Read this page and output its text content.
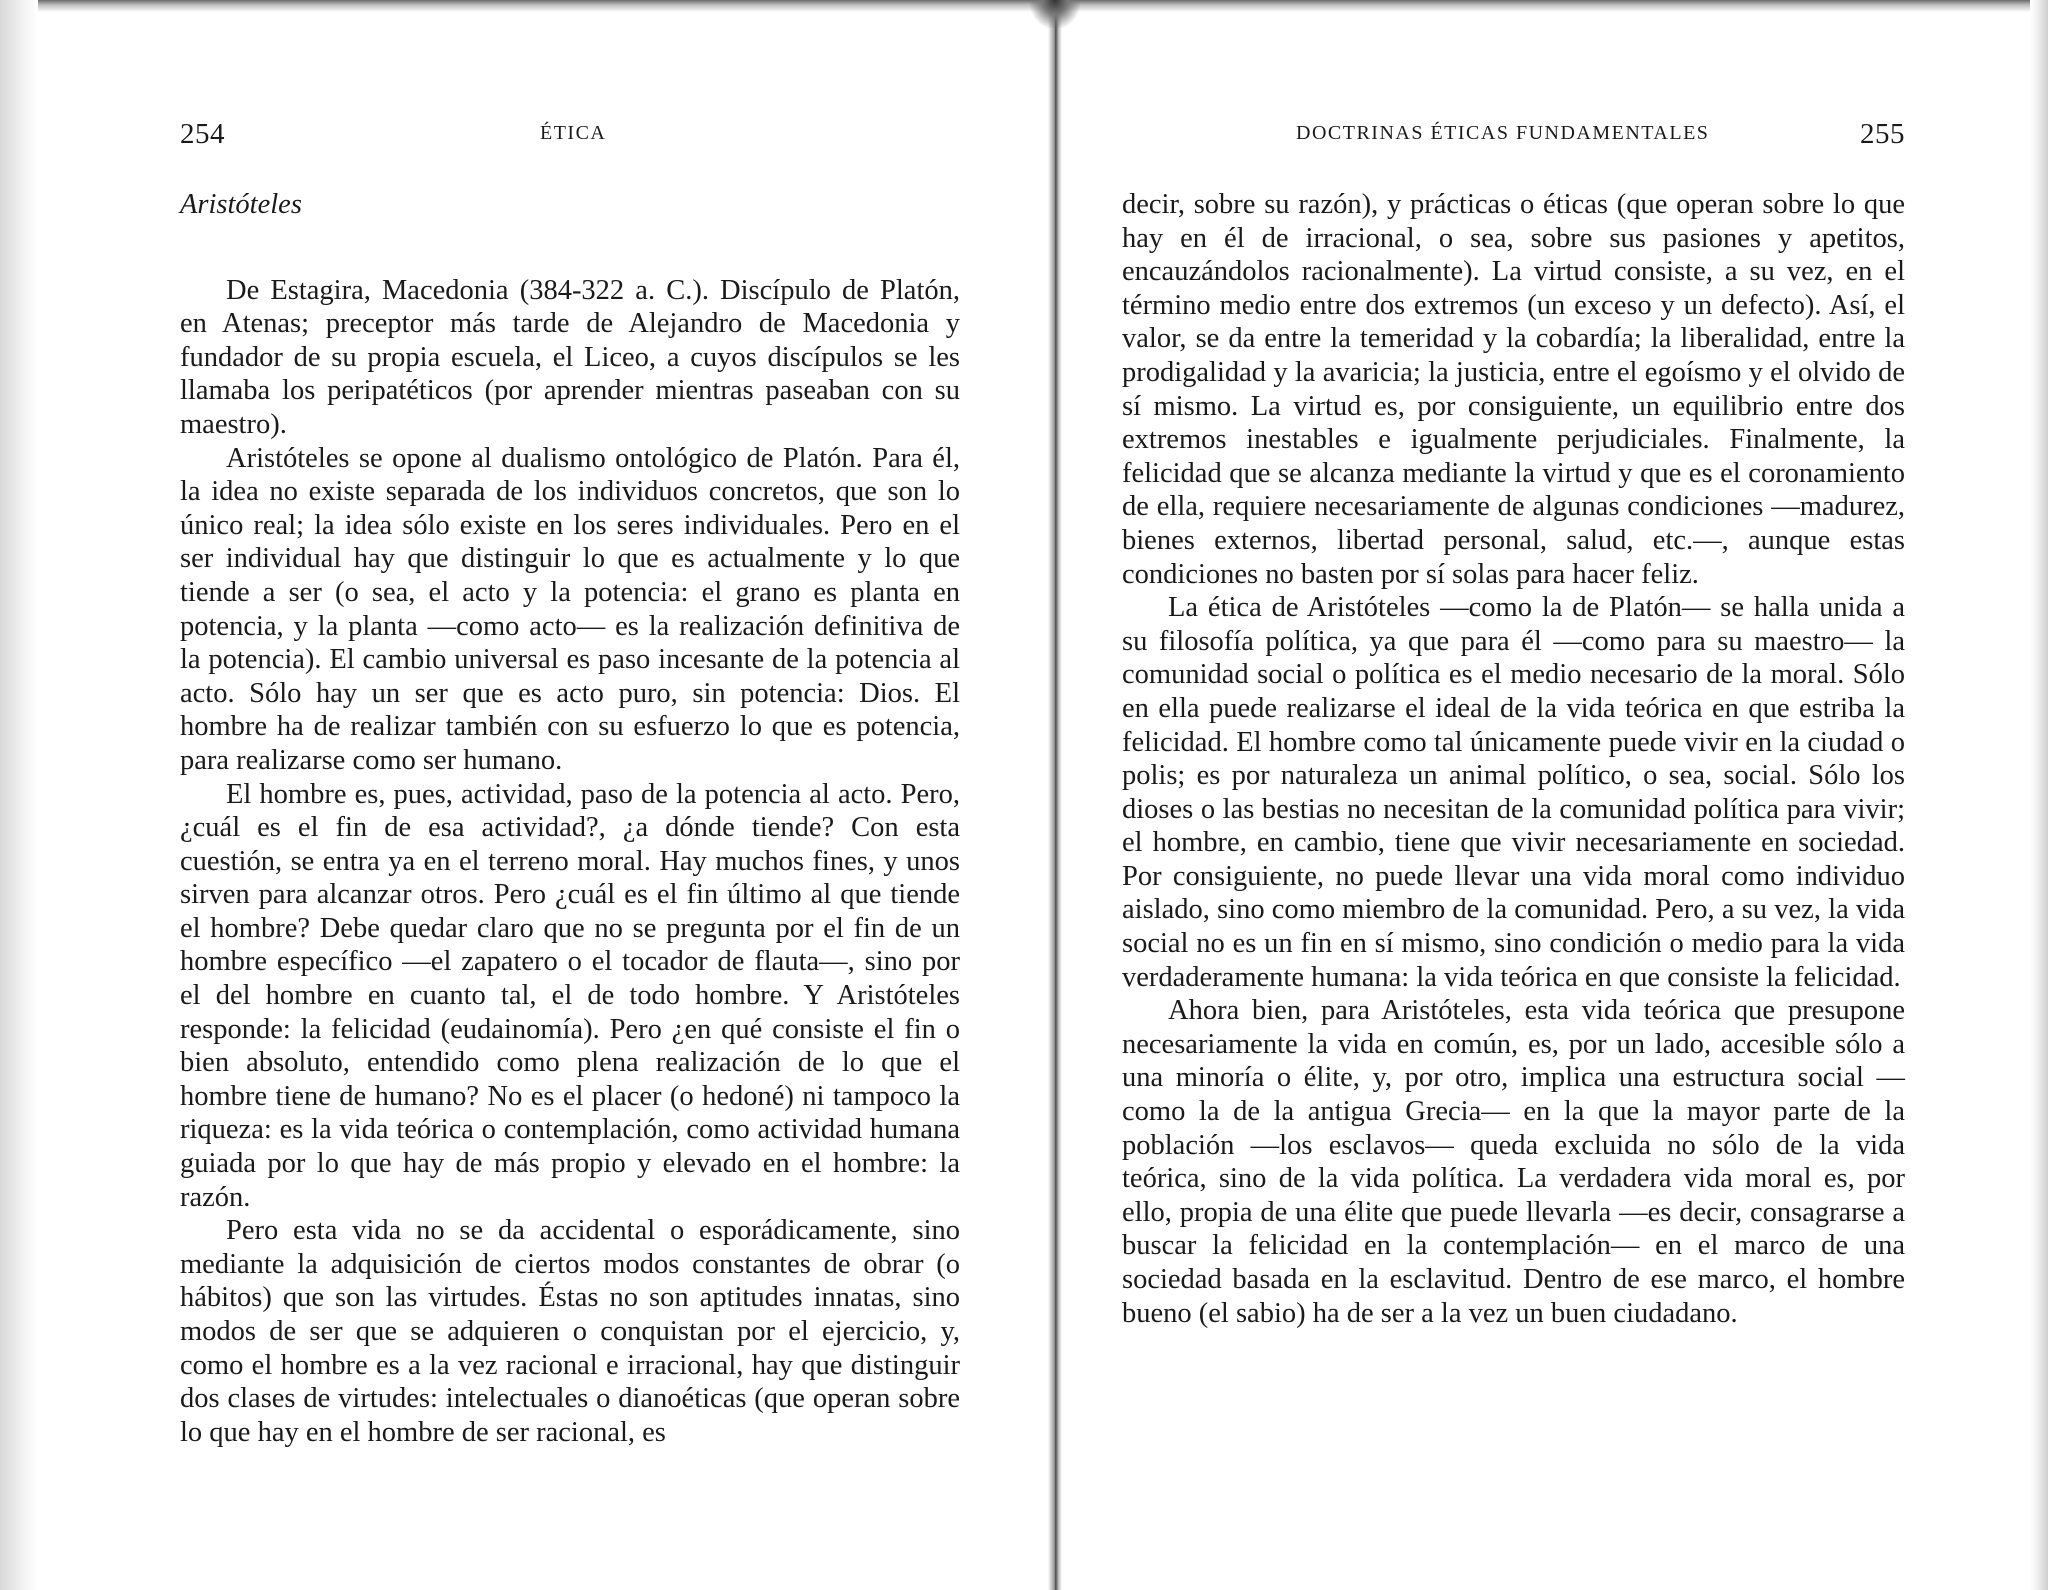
254	ÉTICA
Aristóteles

De Estagira, Macedonia (384-322 a. C.). Discípulo de Platón, en Atenas; preceptor más tarde de Alejandro de Macedonia y fundador de su propia escuela, el Liceo, a cuyos discípulos se les llamaba los peripatéticos (por aprender mientras paseaban con su maestro).

Aristóteles se opone al dualismo ontológico de Platón. Para él, la idea no existe separada de los individuos concretos, que son lo único real; la idea sólo existe en los seres individuales. Pero en el ser individual hay que distinguir lo que es actualmente y lo que tiende a ser (o sea, el acto y la potencia: el grano es planta en potencia, y la planta —como acto— es la realización definitiva de la potencia). El cambio universal es paso incesante de la potencia al acto. Sólo hay un ser que es acto puro, sin potencia: Dios. El hombre ha de realizar también con su esfuerzo lo que es potencia, para realizarse como ser humano.

El hombre es, pues, actividad, paso de la potencia al acto. Pero, ¿cuál es el fin de esa actividad?, ¿a dónde tiende? Con esta cuestión, se entra ya en el terreno moral. Hay muchos fines, y unos sirven para alcanzar otros. Pero ¿cuál es el fin último al que tiende el hombre? Debe quedar claro que no se pregunta por el fin de un hombre específico —el zapatero o el tocador de flauta—, sino por el del hombre en cuanto tal, el de todo hombre. Y Aristóteles responde: la felicidad (eudainomía). Pero ¿en qué consiste el fin o bien absoluto, entendido como plena realización de lo que el hombre tiene de humano? No es el placer (o hedoné) ni tampoco la riqueza: es la vida teórica o contemplación, como actividad humana guiada por lo que hay de más propio y elevado en el hombre: la razón.

Pero esta vida no se da accidental o esporádicamente, sino mediante la adquisición de ciertos modos constantes de obrar (o hábitos) que son las virtudes. Éstas no son aptitudes innatas, sino modos de ser que se adquieren o conquistan por el ejercicio, y, como el hombre es a la vez racional e irracional, hay que distinguir dos clases de virtudes: intelectuales o dianoéticas (que operan sobre lo que hay en el hombre de ser racional, es

DOCTRINAS ÉTICAS FUNDAMENTALES	255

decir, sobre su razón), y prácticas o éticas (que operan sobre lo que hay en él de irracional, o sea, sobre sus pasiones y apetitos, encauzándolos racionalmente). La virtud consiste, a su vez, en el término medio entre dos extremos (un exceso y un defecto). Así, el valor, se da entre la temeridad y la cobardía; la liberalidad, entre la prodigalidad y la avaricia; la justicia, entre el egoísmo y el olvido de sí mismo. La virtud es, por consiguiente, un equilibrio entre dos extremos inestables e igualmente perjudiciales. Finalmente, la felicidad que se alcanza mediante la virtud y que es el coronamiento de ella, requiere necesariamente de algunas condiciones —madurez, bienes externos, libertad personal, salud, etc.—, aunque estas condiciones no basten por sí solas para hacer feliz.

La ética de Aristóteles —como la de Platón— se halla unida a su filosofía política, ya que para él —como para su maestro— la comunidad social o política es el medio necesario de la moral. Sólo en ella puede realizarse el ideal de la vida teórica en que estriba la felicidad. El hombre como tal únicamente puede vivir en la ciudad o polis; es por naturaleza un animal político, o sea, social. Sólo los dioses o las bestias no necesitan de la comunidad política para vivir; el hombre, en cambio, tiene que vivir necesariamente en sociedad. Por consiguiente, no puede llevar una vida moral como individuo aislado, sino como miembro de la comunidad. Pero, a su vez, la vida social no es un fin en sí mismo, sino condición o medio para la vida verdaderamente humana: la vida teórica en que consiste la felicidad.

Ahora bien, para Aristóteles, esta vida teórica que presupone necesariamente la vida en común, es, por un lado, accesible sólo a una minoría o élite, y, por otro, implica una estructura social —como la de la antigua Grecia— en la que la mayor parte de la población —los esclavos— queda excluida no sólo de la vida teórica, sino de la vida política. La verdadera vida moral es, por ello, propia de una élite que puede llevarla —es decir, consagrarse a buscar la felicidad en la contemplación— en el marco de una sociedad basada en la esclavitud. Dentro de ese marco, el hombre bueno (el sabio) ha de ser a la vez un buen ciudadano.
